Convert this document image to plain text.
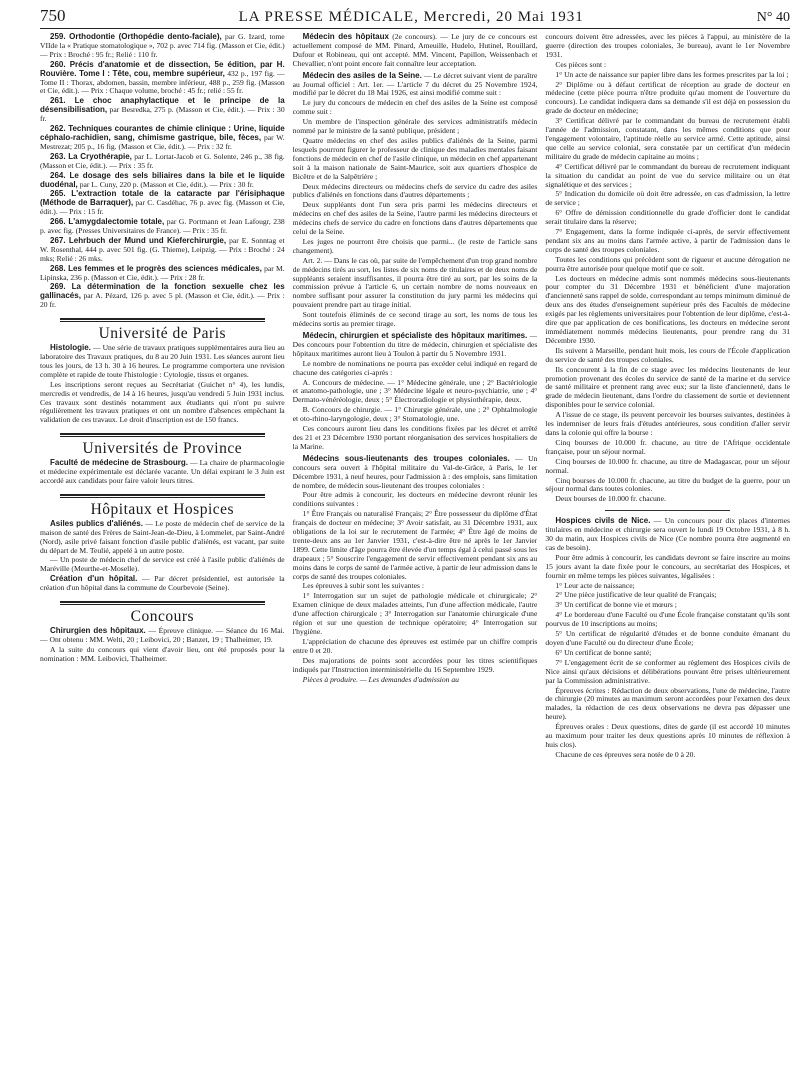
750	LA PRESSE MÉDICALE, Mercredi, 20 Mai 1931	N° 40

259. Orthodontie (Orthopédie dento-faciale), par G. Izard, tome VIIde la « Pratique stomatologique », 702 p. avec 714 fig. (Masson et Cie, édit.) — Prix : Broché : 95 fr.; Relié : 110 fr.

260. Précis d'anatomie et de dissection, 5e édition, par H. Rouvière. Tome I : Tête, cou, membre supérieur, 432 p., 197 fig. — Tome II : Thorax, abdomen, bassin, membre inférieur, 488 p., 259 fig. (Masson et Cie, édit.). — Prix : Chaque volume, broché : 45 fr.; relié : 55 fr.

261. Le choc anaphylactique et le principe de la désensibilisation, par Besredka, 275 p. (Masson et Cie, édit.). — Prix : 30 fr.

262. Techniques courantes de chimie clinique : Urine, liquide céphalo-rachidien, sang, chimisme gastrique, bile, fèces, par W. Mestrezat; 205 p., 16 fig. (Masson et Cie, édit.). — Prix : 32 fr.

263. La Cryothérapie, par L. Lortat-Jacob et G. Solente, 246 p., 38 fig. (Masson et Cie, édit.). — Prix : 35 fr.

264. Le dosage des sels biliaires dans la bile et le liquide duodénal, par L. Cuny, 220 p. (Masson et Cie, édit.). — Prix : 30 fr.

265. L'extraction totale de la cataracte par l'érisiphaque (Méthode de Barraquer), par C. Casdéhac, 76 p. avec fig. (Masson et Cie, édit.). — Prix : 15 fr.

266. L'amygdalectomie totale, par G. Portmann et Jean Lafougr, 238 p. avec fig. (Presses Universitaires de France). — Prix : 35 fr.

267. Lehrbuch der Mund und Kieferchirurgie, par E. Sonntag et W. Rosenthal, 444 p. avec 501 fig. (G. Thieme), Leipzig. — Prix : Broché : 24 mks; Relié : 26 mks.

268. Les femmes et le progrès des sciences médicales, par M. Lipinska, 236 p. (Masson et Cie, édit.). — Prix : 28 fr.

269. La détermination de la fonction sexuelle chez les gallinacés, par A. Pézard, 126 p. avec 5 pl. (Masson et Cie, édit.). — Prix : 20 fr.

Université de Paris

Histologie. — Une série de travaux pratiques supplémentaires aura lieu au laboratoire des Travaux pratiques, du 8 au 20 Juin 1931. Les séances auront lieu tous les jours, de 13 h. 30 à 16 heures. Le programme comportera une revision complète et rapide de toute l'histologie : Cytologie, tissus et organes.

Les inscriptions seront reçues au Secrétariat (Guichet n° 4), les lundis, mercredis et vendredis, de 14 à 16 heures, jusqu'au vendredi 5 Juin 1931 inclus. Ces travaux sont destinés notamment aux étudiants qui n'ont pu suivre régulièrement les travaux pratiques et ont un nombre d'absences empêchant la validation de ces travaux. Le droit d'inscription est de 150 francs.

Universités de Province

Faculté de médecine de Strasbourg. — La chaire de pharmacologie et médecine expérimentale est déclarée vacante. Un délai expirant le 3 Juin est accordé aux candidats pour faire valoir leurs titres.

Hôpitaux et Hospices

Asiles publics d'aliénés. — Le poste de médecin chef de service de la maison de santé des Frères de Saint-Jean-de-Dieu, à Lommelet, par Saint-André (Nord), asile privé faisant fonction d'asile public d'aliénés, est vacant, par suite du départ de M. Teulié, appelé à un autre poste.

— Un poste de médecin chef de service est créé à l'asile public d'aliénés de Maréville (Meurthe-et-Moselle).

Création d'un hôpital. — Par décret présidentiel, est autorisée la création d'un hôpital dans la commune de Courbevoie (Seine).

Concours

Chirurgien des hôpitaux. — Épreuve clinique. — Séance du 16 Mai. — Ont obtenu : MM. Welti, 20 ; Leibovici, 20 ; Banzet, 19 ; Thalheimer, 19.

A la suite du concours qui vient d'avoir lieu, ont été proposés pour la nomination : MM. Leibovici, Thalheimer.

Médecin des hôpitaux (2e concours). — Le jury de ce concours est actuellement composé de MM. Pinard, Ameuille, Hudelo, Hutinel, Rouillard, Dufour et Robineau, qui ont accepté. MM. Vincent, Papillon, Weissenbach et Chevallier, n'ont point encore fait connaître leur acceptation.

Médecin des asiles de la Seine. — Le décret suivant vient de paraître au Journal officiel : Art. 1er. — L'article 7 du décret du 25 Novembre 1924, modifié par le décret du 18 Mai 1926, est ainsi modifié comme suit :

Le jury du concours de médecin en chef des asiles de la Seine est composé comme suit :

Un membre de l'inspection générale des services administratifs médecin nommé par le ministre de la santé publique, président ;

Quatre médecins en chef des asiles publics d'aliénés de la Seine, parmi lesquels pourront figurer le professeur de clinique des maladies mentales faisant fonctions de médecin en chef de l'asile clinique, un médecin en chef appartenant soit à la maison nationale de Saint-Maurice, soit aux quartiers d'hospice de Bicêtre et de la Salpêtrière ;

Deux médecins directeurs ou médecins chefs de service du cadre des asiles publics d'aliénés en fonctions dans d'autres départements ;

Deux suppléants dont l'un sera pris parmi les médecins directeurs et médecins en chef des asiles de la Seine, l'autre parmi les médecins directeurs et médecins chefs de service du cadre en fonctions dans d'autres départements que celui de la Seine.

Les juges ne pourront être choisis que parmi... (le reste de l'article sans changement).

Art. 2. — Dans le cas où, par suite de l'empêchement d'un trop grand nombre de médecins tirés au sort, les listes de six noms de titulaires et de deux noms de suppléants seraient insuffisantes, il pourra être tiré au sort, par les soins de la commission prévue à l'article 6, un certain nombre de noms nouveaux en nombre suffisant pour assurer la constitution du jury parmi les médecins qui pouvaient prendre part au tirage initial.

Sont toutefois éliminés de ce second tirage au sort, les noms de tous les médecins sortis au premier tirage.

Médecin, chirurgien et spécialiste des hôpitaux maritimes. — Des concours pour l'obtention du titre de médecin, chirurgien et spécialiste des hôpitaux maritimes auront lieu à Toulon à partir du 5 Novembre 1931.

Le nombre de nominations ne pourra pas excéder celui indiqué en regard de chacune des catégories ci-après :

A. Concours de médecine. — 1° Médecine générale, une ; 2° Bactériologie et anatomo-pathologie, une ; 3° Médecine légale et neuro-psychiatrie, une ; 4° Dermato-vénéréologie, deux ; 5° Électroradiologie et physiothérapie, deux.

B. Concours de chirurgie. — 1° Chirurgie générale, une ; 2° Ophtalmologie et oto-rhino-laryngologie, deux ; 3° Stomatologie, une.

Ces concours auront lieu dans les conditions fixées par les décret et arrêté des 21 et 23 Décembre 1930 portant réorganisation des services hospitaliers de la Marine.

Médecins sous-lieutenants des troupes coloniales. — Un concours sera ouvert à l'hôpital militaire du Val-de-Grâce, à Paris, le 1er Décembre 1931, à neuf heures, pour l'admission à : des emplois, sans limitation de nombre, de médecin sous-lieutenant des troupes coloniales :

Pour être admis à concourir, les docteurs en médecine devront réunir les conditions suivantes :

1° Être Français ou naturalisé Français; 2° Être possesseur du diplôme d'État français de docteur en médecine; 3° Avoir satisfait, au 31 Décembre 1931, aux obligations de la loi sur le recrutement de l'armée; 4° Être âgé de moins de trente-deux ans au 1er Janvier 1931, c'est-à-dire être né après le 1er Janvier 1899. Cette limite d'âge pourra être élevée d'un temps égal à celui passé sous les drapeaux ; 5° Souscrire l'engagement de servir effectivement pendant six ans au moins dans le corps de santé de l'armée active, à partir de leur admission dans le corps de santé des troupes coloniales.

Les épreuves à subir sont les suivantes :

1° Interrogation sur un sujet de pathologie médicale et chirurgicale; 2° Examen clinique de deux malades atteints, l'un d'une affection médicale, l'autre d'une affection chirurgicale ; 3° Interrogation sur l'anatomie chirurgicale d'une région et sur une question de technique opératoire; 4° Interrogation sur l'hygiène.

L'appréciation de chacune des épreuves est estimée par un chiffre compris entre 0 et 20.

Des majorations de points sont accordées pour les titres scientifiques indiqués par l'Instruction interministérielle du 16 Septembre 1929.

Pièces à produire. — Les demandes d'admission au

concours doivent être adressées, avec les pièces à l'appui, au ministère de la guerre (direction des troupes coloniales, 3e bureau), avant le 1er Novembre 1931.

Ces pièces sont :

1° Un acte de naissance sur papier libre dans les formes prescrites par la loi ;

2° Diplôme ou à défaut certificat de réception au grade de docteur en médecine (cette pièce pourra n'être produite qu'au moment de l'ouverture du concours). Le candidat indiquera dans sa demande s'il est déjà en possession du grade de docteur en médecine;

3° Certificat délivré par le commandant du bureau de recrutement établi l'année de l'admission, constatant, dans les mêmes conditions que pour l'engagement volontaire, l'aptitude réelle au service armé. Cette aptitude, ainsi que celle au service colonial, sera constatée par un certificat d'un médecin militaire du grade de médecin capitaine au moins ;

4° Certificat délivré par le commandant du bureau de recrutement indiquant la situation du candidat au point de vue du service militaire ou un état signalétique et des services ;

5° Indication du domicile où doit être adressée, en cas d'admission, la lettre de service ;

6° Offre de démission conditionnelle du grade d'officier dont le candidat serait titulaire dans la réserve;

7° Engagement, dans la forme indiquée ci-après, de servir effectivement pendant six ans au moins dans l'armée active, à partir de l'admission dans le corps de santé des troupes coloniales.

Toutes les conditions qui précèdent sont de rigueur et aucune dérogation ne pourra être autorisée pour quelque motif que ce soit.

Les docteurs en médecine admis sont nommés médecins sous-lieutenants pour compter du 31 Décembre 1931 et bénéficient d'une majoration d'ancienneté sans rappel de solde, correspondant au temps minimum diminué de deux ans des études d'enseignement supérieur près des Facultés de médecine exigés par les règlements universitaires pour l'obtention de leur diplôme, c'est-à-dire que par application de ces bonifications, les docteurs en médecine seront immédiatement nommés médecins lieutenants, pour prendre rang du 31 Décembre 1930.

Ils suivent à Marseille, pendant huit mois, les cours de l'École d'application du service de santé des troupes coloniales.

Ils concourent à la fin de ce stage avec les médecins lieutenants de leur promotion provenant des écoles du service de santé de la marine et du service de santé militaire et prennent rang avec eux; sur la liste d'ancienneté, dans le grade de médecin lieutenant, dans l'ordre du classement de sortie et deviennent disponibles pour le service colonial.

A l'issue de ce stage, ils peuvent percevoir les bourses suivantes, destinées à les indemniser de leurs frais d'études antérieures, sous condition d'aller servir dans la colonie qui offre la bourse :

Cinq bourses de 10.000 fr. chacune, au titre de l'Afrique occidentale française, pour un séjour normal.

Cinq bourses de 10.000 fr. chacune, au titre de Madagascar, pour un séjour normal.

Cinq bourses de 10.000 fr. chacune, au titre du budget de la guerre, pour un séjour normal dans toutes colonies.

Deux bourses de 10.000 fr. chacune.

Hospices civils de Nice. — Un concours pour dix places d'internes titulaires en médecine et chirurgie sera ouvert le lundi 19 Octobre 1931, à 8 h. 30 du matin, aux Hospices civils de Nice (Ce nombre pourra être augmenté en cas de besoin).

Pour être admis à concourir, les candidats devront se faire inscrire au moins 15 jours avant la date fixée pour le concours, au secrétariat des Hospices, et fournir en même temps les pièces suivantes, légalisées :

1° Leur acte de naissance;

2° Une pièce justificative de leur qualité de Français;

3° Un certificat de bonne vie et mœurs ;

4° Le bordereau d'une Faculté ou d'une École française constatant qu'ils sont pourvus de 10 inscriptions au moins;

5° Un certificat de régularité d'études et de bonne conduite émanant du doyen d'une Faculté ou du directeur d'une École;

6° Un certificat de bonne santé;

7° L'engagement écrit de se conformer au règlement des Hospices civils de Nice ainsi qu'aux décisions et délibérations pouvant être prises ultérieurement par la Commission administrative.

Épreuves écrites : Rédaction de deux observations, l'une de médecine, l'autre de chirurgie (20 minutes au maximum seront accordées pour l'examen des deux malades, la rédaction de ces deux observations ne devra pas dépasser une heure).

Épreuves orales : Deux questions, dites de garde (il est accordé 10 minutes au maximum pour traiter les deux questions après 10 minutes de réflexion à huis clos).

Chacune de ces épreuves sera notée de 0 à 20.
